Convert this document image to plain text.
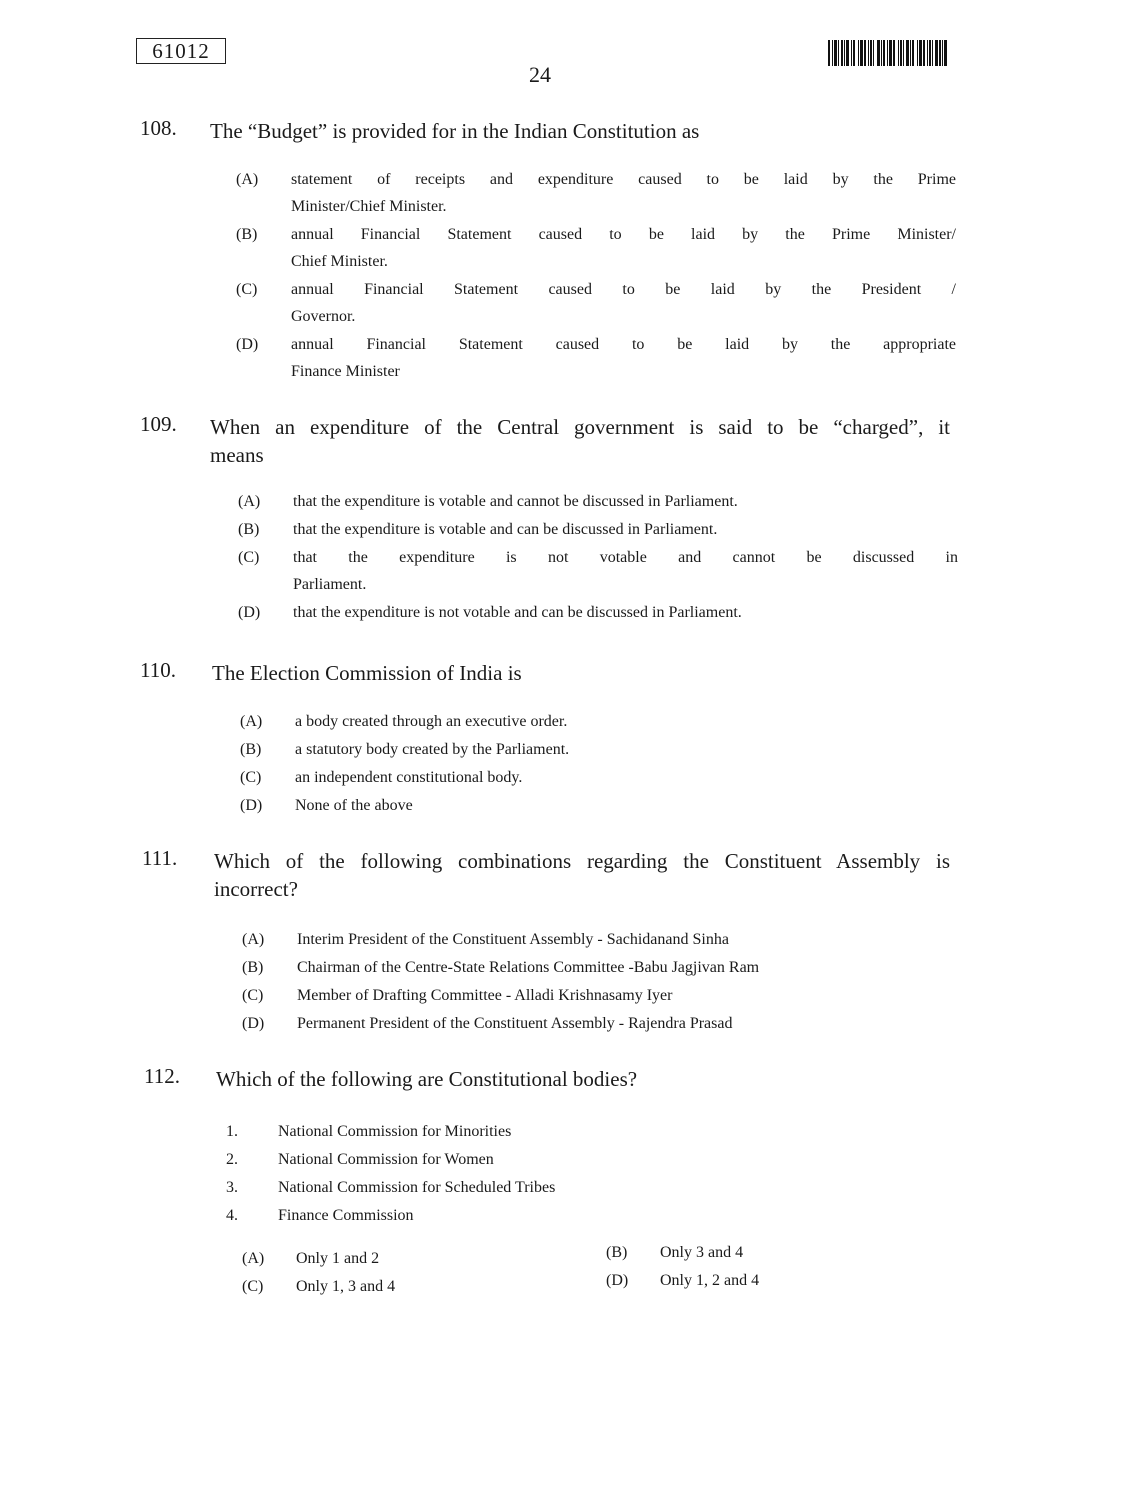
61012
24
108. The “Budget” is provided for in the Indian Constitution as
(A)	statement of receipts and expenditure caused to be laid by the Prime
Minister/Chief Minister.
(B)	annual Financial Statement caused to be laid by the Prime Minister/
Chief Minister.
(C)	annual Financial Statement caused to be laid by the President /
Governor.
(D)	annual Financial Statement caused to be laid by the appropriate
Finance Minister
109. When an expenditure of the Central government is said to be “charged”, it
means
(A)	that the expenditure is votable and cannot be discussed in Parliament.
(B)	that the expenditure is votable and can be discussed in Parliament.
(C)	that the expenditure is not votable and cannot be discussed in
Parliament.
(D)	that the expenditure is not votable and can be discussed in Parliament.
110. The Election Commission of India is
(A)	a body created through an executive order.
(B)	a statutory body created by the Parliament.
(C)	an independent constitutional body.
(D)	None of the above
111. Which of the following combinations regarding the Constituent Assembly is
incorrect?
(A)	Interim President of the Constituent Assembly - Sachidanand Sinha
(B)	Chairman of the Centre-State Relations Committee -Babu Jagjivan Ram
(C)	Member of Drafting Committee - Alladi Krishnasamy Iyer
(D)	Permanent President of the Constituent Assembly - Rajendra Prasad
112. Which of the following are Constitutional bodies?
1.	National Commission for Minorities
2.	National Commission for Women
3.	National Commission for Scheduled Tribes
4.	Finance Commission
(A) Only 1 and 2	(B) Only 3 and 4
(C) Only 1, 3 and 4	(D) Only 1, 2 and 4
